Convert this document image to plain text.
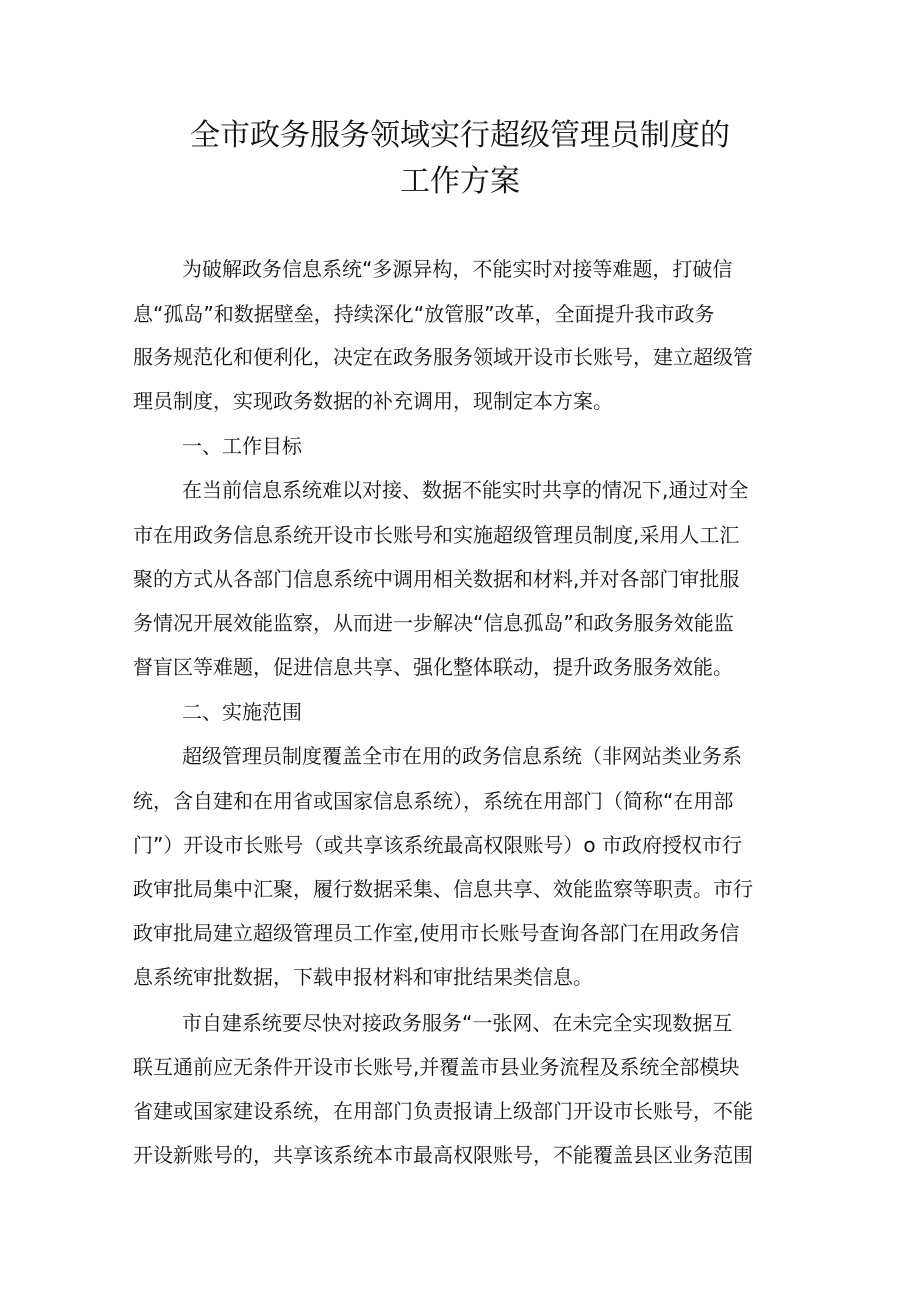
全市政务服务领域实行超级管理员制度的
工作方案
为破解政务信息系统“多源异构，不能实时对接等难题，打破信
息“孤岛”和数据壁垒，持续深化“放管服”改革，全面提升我市政务
服务规范化和便利化，决定在政务服务领域开设市长账号，建立超级管
理员制度，实现政务数据的补充调用，现制定本方案。
一、工作目标
在当前信息系统难以对接、数据不能实时共享的情况下,通过对全
市在用政务信息系统开设市长账号和实施超级管理员制度,采用人工汇
聚的方式从各部门信息系统中调用相关数据和材料,并对各部门审批服
务情况开展效能监察，从而进一步解决“信息孤岛”和政务服务效能监
督盲区等难题，促进信息共享、强化整体联动，提升政务服务效能。
二、实施范围
超级管理员制度覆盖全市在用的政务信息系统（非网站类业务系
统，含自建和在用省或国家信息系统），系统在用部门（简称“在用部
门”）开设市长账号（或共享该系统最高权限账号）o 市政府授权市行
政审批局集中汇聚，履行数据采集、信息共享、效能监察等职责。市行
政审批局建立超级管理员工作室,使用市长账号查询各部门在用政务信
息系统审批数据，下载申报材料和审批结果类信息。
市自建系统要尽快对接政务服务“一张网、在未完全实现数据互
联互通前应无条件开设市长账号,并覆盖市县业务流程及系统全部模块
省建或国家建设系统，在用部门负责报请上级部门开设市长账号，不能
开设新账号的，共享该系统本市最高权限账号，不能覆盖县区业务范围
